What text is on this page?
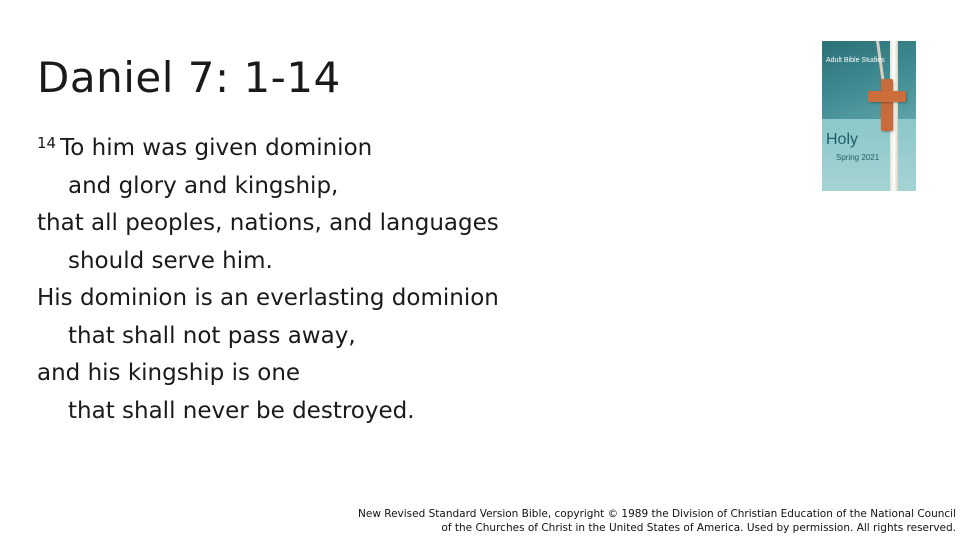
Daniel 7: 1-14
$^{14}$ To him was given dominion
and glory and kingship,
that all peoples, nations, and languages
should serve him.
His dominion is an everlasting dominion
that shall not pass away,
and his kingship is one
that shall never be destroyed.
Adult Bible Studies
Holy
Spring 2021
New Revised Standard Version Bible, copyright © 1989 the Division of Christian Education of the National Council
of the Churches of Christ in the United States of America. Used by permission. All rights reserved.
